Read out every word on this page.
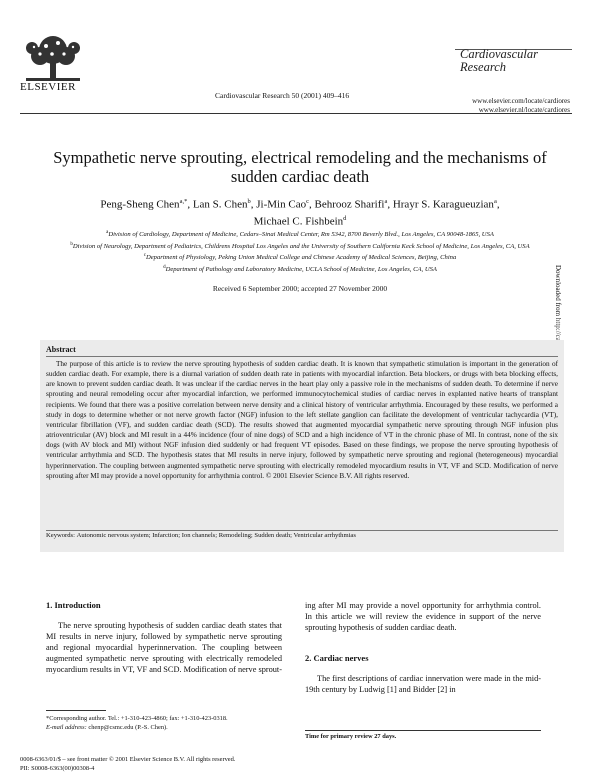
ELSEVIER
Cardiovascular Research 50 (2001) 409–416
Cardiovascular
Research
www.elsevier.com/locate/cardiores
www.elsevier.nl/locate/cardiores
Sympathetic nerve sprouting, electrical remodeling and the mechanisms of sudden cardiac death
Peng-Sheng Chen$^{a,*}$, Lan S. Chen$^b$, Ji-Min Cao$^c$, Behrooz Sharifi$^a$, Hrayr S. Karagueuzian$^a$,
Michael C. Fishbein$^d$
$^a$Division of Cardiology, Department of Medicine, Cedars–Sinai Medical Center, Rm 5342, 8700 Beverly Blvd., Los Angeles, CA 90048-1865, USA
$^b$Division of Neurology, Department of Pediatrics, Childrens Hospital Los Angeles and the University of Southern California Keck School of Medicine, Los Angeles, CA, USA
$^c$Department of Physiology, Peking Union Medical College and Chinese Academy of Medical Sciences, Beijing, China
$^d$Department of Pathology and Laboratory Medicine, UCLA School of Medicine, Los Angeles, CA, USA
Received 6 September 2000; accepted 27 November 2000	Downloaded from
Abstract
The purpose of this article is to review the nerve sprouting hypothesis of sudden cardiac death. It is known that sympathetic stimulation is important in the generation of sudden cardiac death. For example, there is a diurnal variation of sudden death rate in patients with myocardial infarction. Beta blockers, or drugs with beta blocking effects, are known to prevent sudden cardiac death. It was unclear if the cardiac nerves in the heart play only a passive role in the mechanisms of sudden death. To determine if nerve sprouting and neural remodeling occur after myocardial infarction, we performed immunocytochemical studies of cardiac nerves in explanted native hearts of transplant recipients. We found that there was a positive correlation between nerve density and a clinical history of ventricular arrhythmia. Encouraged by these results, we performed a study in dogs to determine whether or not nerve growth factor (NGF) infusion to the left stellate ganglion can facilitate the development of ventricular tachycardia (VT), ventricular fibrillation (VF), and sudden cardiac death (SCD). The results showed that augmented myocardial sympathetic nerve sprouting through NGF infusion plus atrioventricular (AV) block and MI result in a 44% incidence (four of nine dogs) of SCD and a high incidence of VT in the chronic phase of MI. In contrast, none of the six dogs (with AV block and MI) without NGF infusion died suddenly or had frequent VT episodes. Based on these findings, we propose the nerve sprouting hypothesis of ventricular arrhythmia and SCD. The hypothesis states that MI results in nerve injury, followed by sympathetic nerve sprouting and regional (heterogeneous) myocardial hyperinnervation. The coupling between augmented sympathetic nerve sprouting with electrically remodeled myocardium results in VT, VF and SCD. Modification of nerve sprouting after MI may provide a novel opportunity for arrhythmia control. © 2001 Elsevier Science B.V. All rights reserved.
Keywords: Autonomic nervous system; Infarction; Ion channels; Remodeling; Sudden death; Ventricular arrhythmias
1. Introduction

The nerve sprouting hypothesis of sudden cardiac death states that MI results in nerve injury, followed by sympathetic nerve sprouting and regional myocardial hyperinnervation. The coupling between augmented sympathetic nerve sprouting with electrically remodeled myocardium results in VT, VF and SCD. Modification of nerve sprout-

ing after MI may provide a novel opportunity for arrhythmia control. In this article we will review the evidence in support of the nerve sprouting hypothesis of sudden cardiac death.

2. Cardiac nerves

The first descriptions of cardiac innervation were made in the mid-19th century by Ludwig [1] and Bidder [2] in

*Corresponding author. Tel.: +1-310-423-4860; fax: +1-310-423-0318.
E-mail address: chenp@csmc.edu (P.-S. Chen).
Time for primary review 27 days.
0008-6363/01/$ – see front matter © 2001 Elsevier Science B.V. All rights reserved.
PII: S0008-6363(00)00308-4
